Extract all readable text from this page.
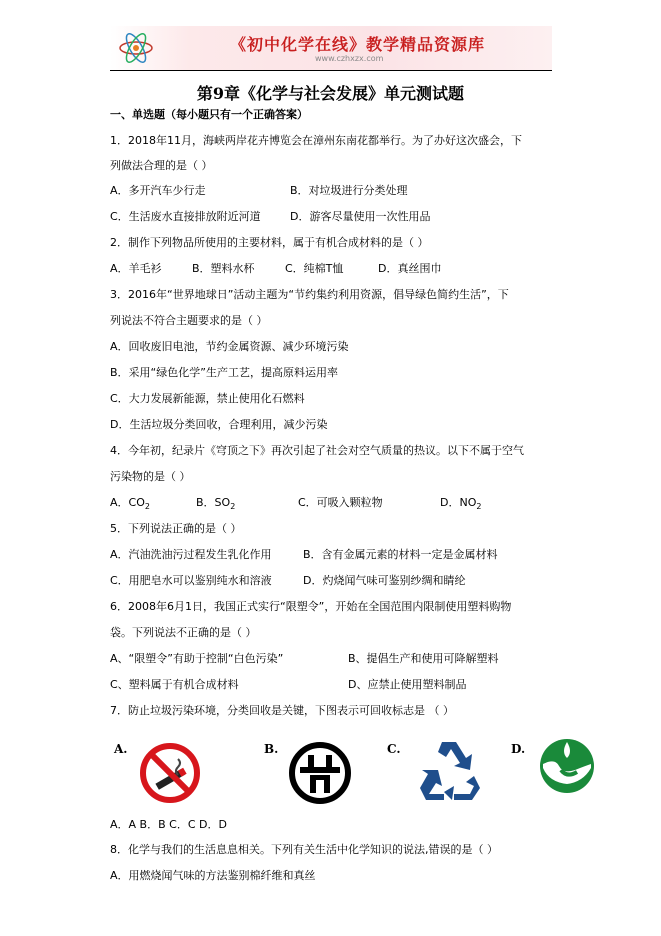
《初中化学在线》教学精品资源库
www.czhxzx.com
第9章《化学与社会发展》单元测试题
一、单选题（每小题只有一个正确答案）
1．2018年11月，海峡两岸花卉博览会在漳州东南花都举行。为了办好这次盛会，下
列做法合理的是（ ）
A．多开汽车少行走	B．对垃圾进行分类处理
C．生活废水直接排放附近河道	D．游客尽量使用一次性用品
2．制作下列物品所使用的主要材料，属于有机合成材料的是（ ）
A．羊毛衫	B．塑料水杯	C．纯棉T恤	D．真丝围巾
3．2016年“世界地球日”活动主题为“节约集约利用资源，倡导绿色简约生活”，下
列说法不符合主题要求的是（ ）
A．回收废旧电池，节约金属资源、减少环境污染
B．采用“绿色化学”生产工艺，提高原料运用率
C．大力发展新能源，禁止使用化石燃料
D．生活垃圾分类回收，合理利用，减少污染
4．今年初，纪录片《穹顶之下》再次引起了社会对空气质量的热议。以下不属于空气
污染物的是（ ）
A．$CO_2$	B．$SO_2$	C．可吸入颗粒物	D．$NO_2$
5．下列说法正确的是（ ）
A．汽油洗油污过程发生乳化作用	B．含有金属元素的材料一定是金属材料
C．用肥皂水可以鉴别纯水和溶液	D．灼烧闻气味可鉴别纱绸和睛纶
6．2008年6月1日，我国正式实行“限塑令”，开始在全国范围内限制使用塑料购物
袋。下列说法不正确的是（ ）
A、“限塑令”有助于控制“白色污染”	B、提倡生产和使用可降解塑料
C、塑料属于有机合成材料	D、应禁止使用塑料制品
7．防止垃圾污染环境，分类回收是关键，下图表示可回收标志是 （ ）
A.	B.	C.	D.
A．A B．B C．C D．D
8．化学与我们的生活息息相关。下列有关生活中化学知识的说法,错误的是（ ）
A．用燃烧闻气味的方法鉴别棉纤维和真丝
